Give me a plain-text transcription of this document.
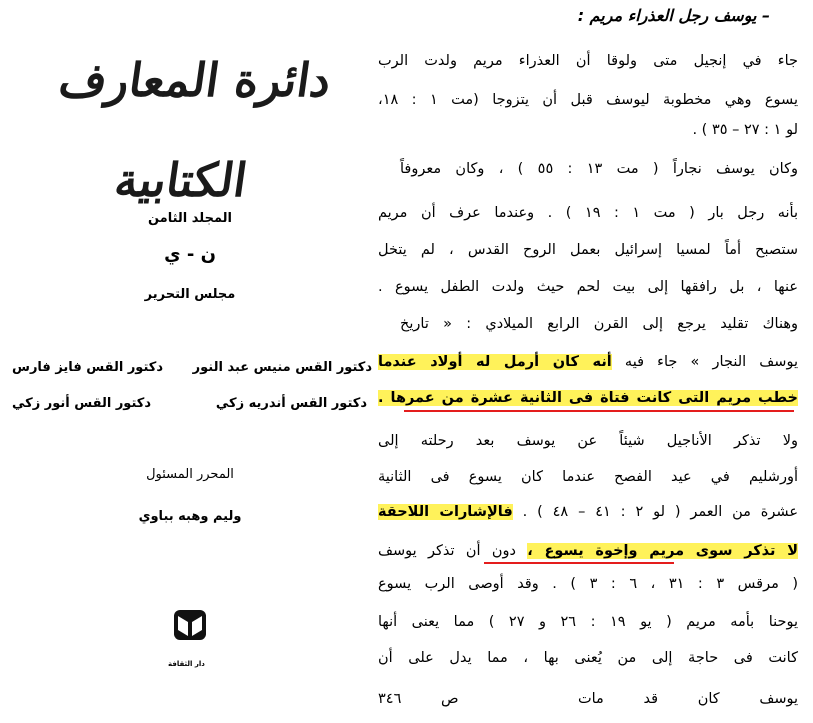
دائرة المعارف الكتابية
المجلد الثامن
ن - ي
مجلس التحرير
دكتور القس منيس عبد النور
دكتور القس فايز فارس
دكتور القس أندريه زكي
دكتور القس أنور زكي
المحرر المسئول
وليم وهبه بباوي
دار الثقافة
– يوسف رجل العذراء مريم :
جاء في إنجيل متى ولوقا أن العذراء مريم ولدت الرب
يسوع وهي مخطوبة ليوسف قبل أن يتزوجا (مت ١ : ١٨،
لو ١ : ٢٧ – ٣٥ ) .
وكان يوسف نجاراً ( مت ١٣ : ٥٥ ) ، وكان معروفاً
بأنه رجل بار ( مت ١ : ١٩ ) . وعندما عرف أن مريم
ستصبح أماً لمسيا إسرائيل بعمل الروح القدس ، لم يتخل
عنها ، بل رافقها إلى بيت لحم حيث ولدت الطفل يسوع .
وهناك تقليد يرجع إلى القرن الرابع الميلادي : « تاريخ
يوسف النجار » جاء فيه أنه كان أرمل له أولاد عندما
خطب مريم التى كانت فتاة فى الثانية عشرة من عمرها .
ولا تذكر الأناجيل شيئاً عن يوسف بعد رحلته إلى
أورشليم في عيد الفصح عندما كان يسوع فى الثانية
عشرة من العمر ( لو ٢ : ٤١ – ٤٨ ) . فالإشارات اللاحقة
لا تذكر سوى مريم وإخوة يسوع ، دون أن تذكر يوسف
( مرقس ٣ : ٣١ ، ٦ : ٣ ) . وقد أوصى الرب يسوع
يوحنا بأمه مريم ( يو ١٩ : ٢٦ و ٢٧ ) مما يعنى أنها
كانت فى حاجة إلى من يُعنى بها ، مما يدل على أن
يوسف كان قد مات  ص ٣٤٦
